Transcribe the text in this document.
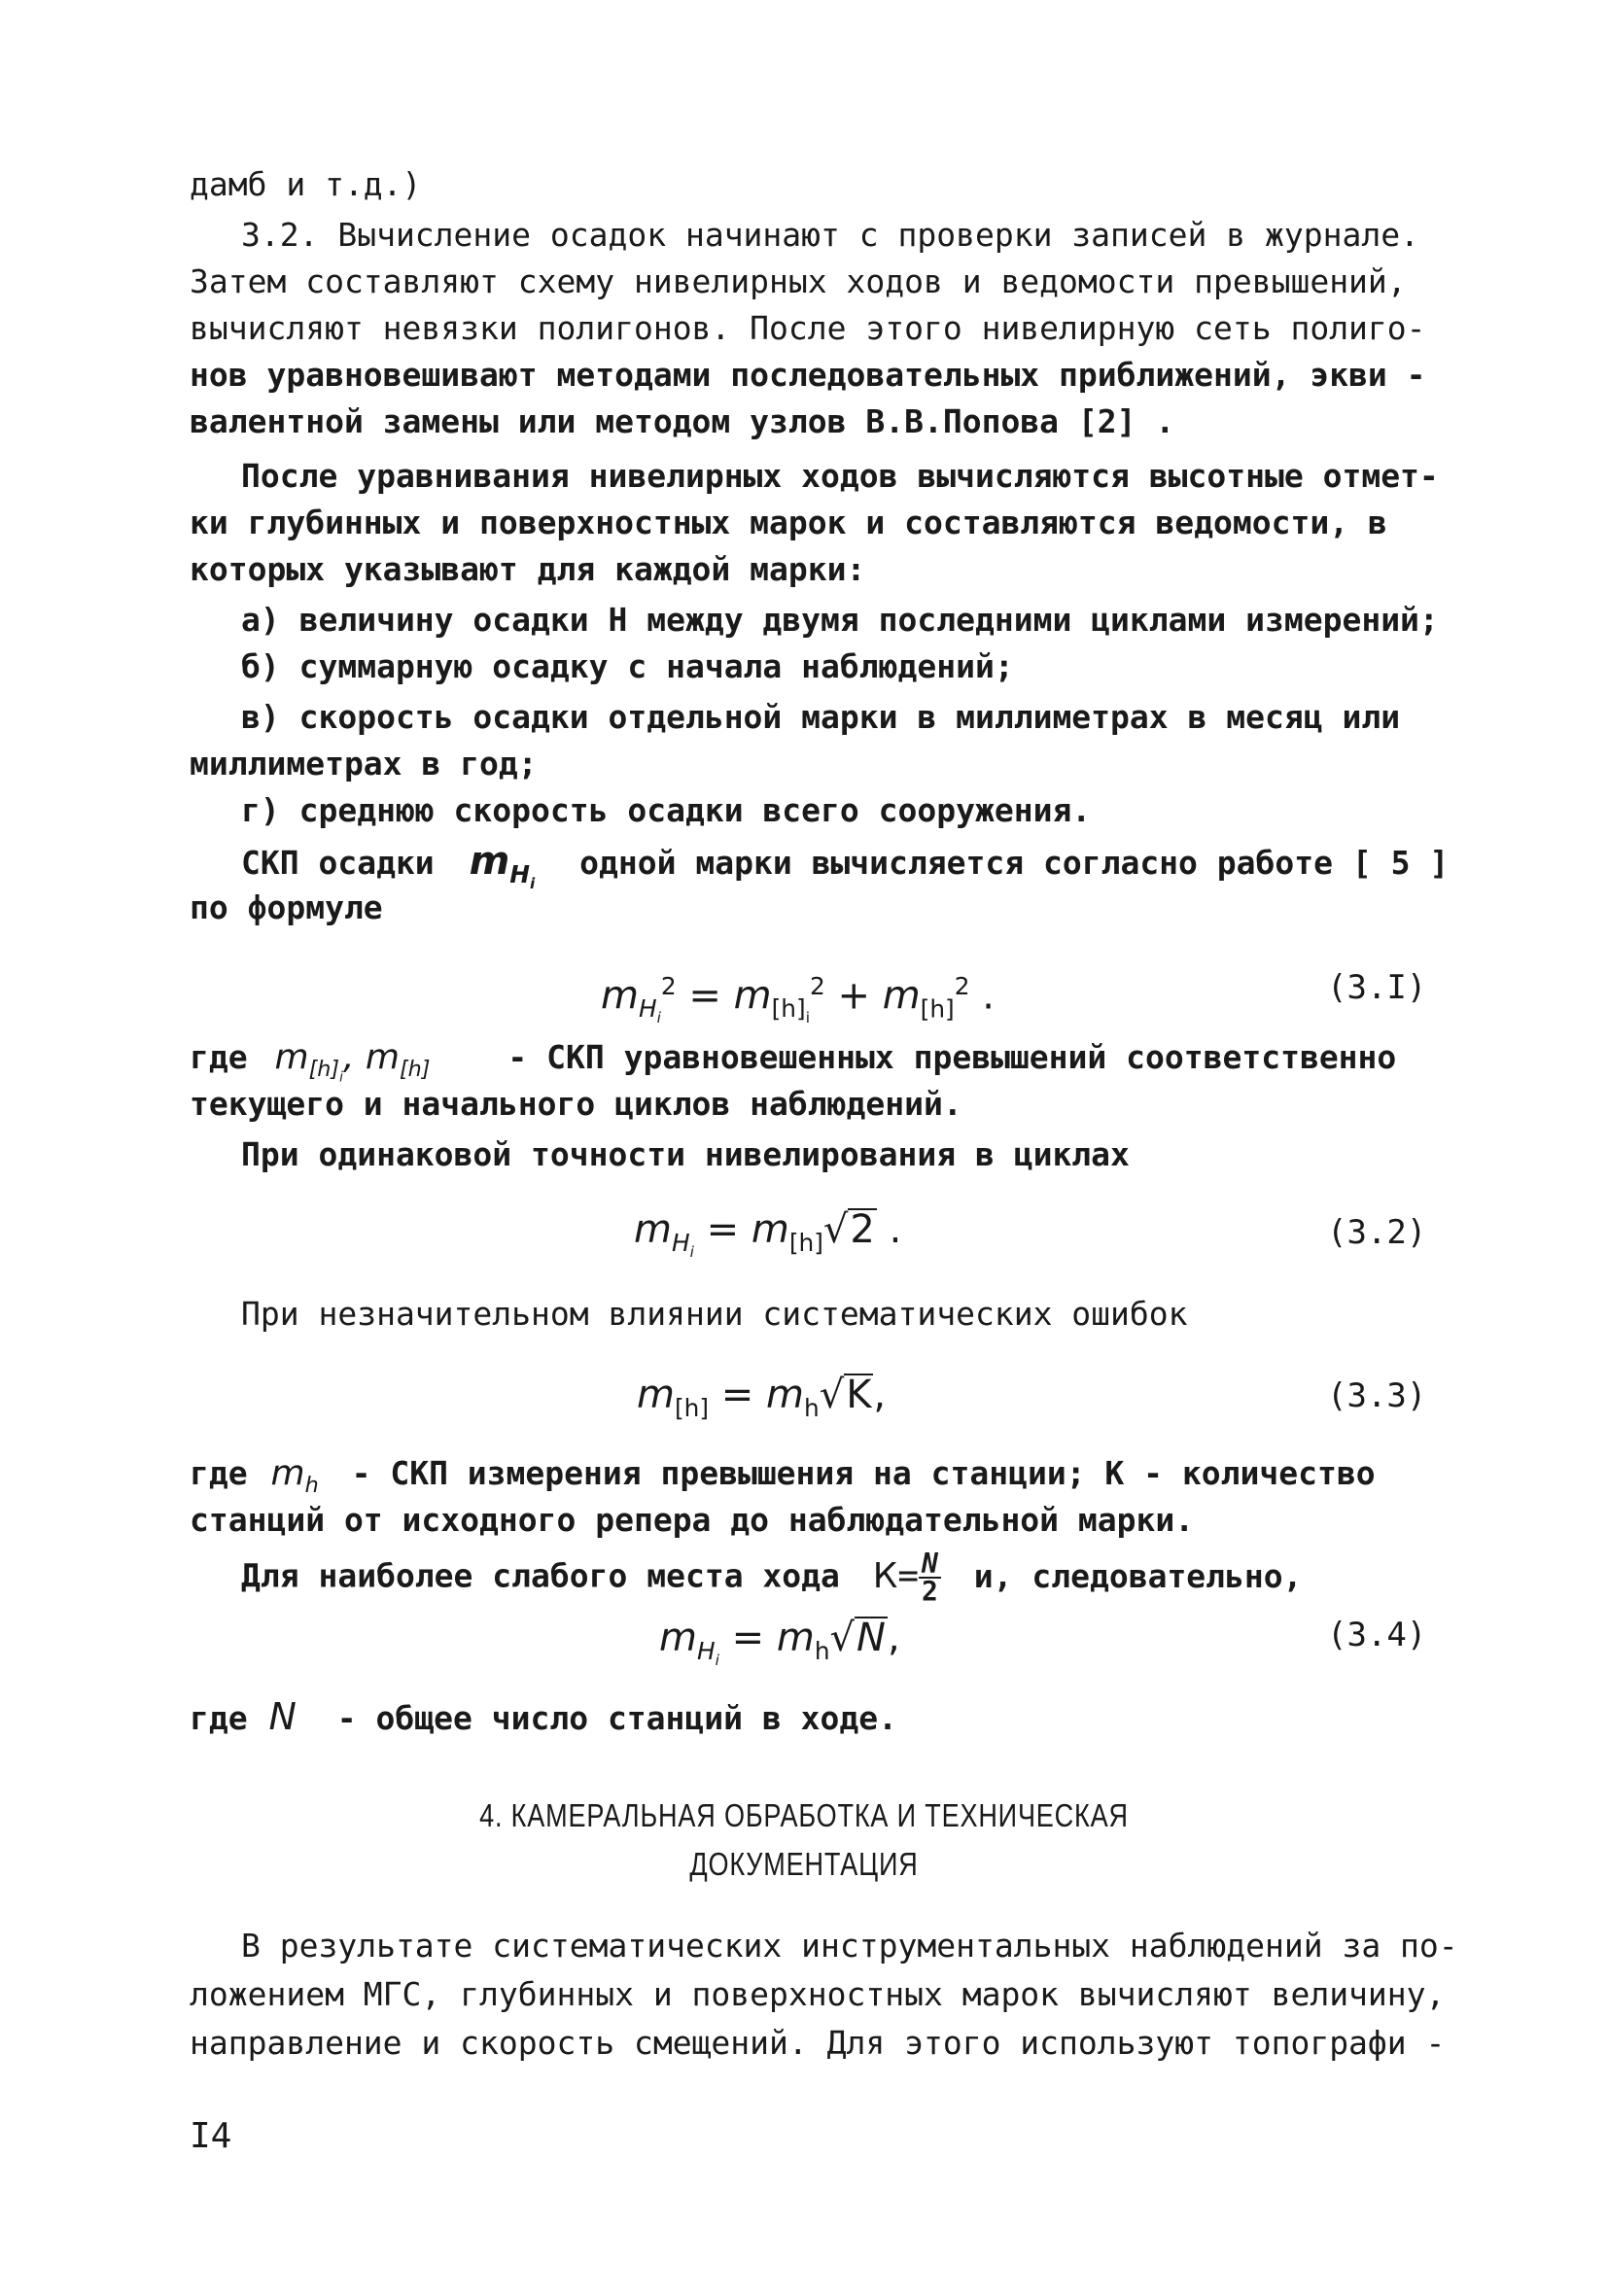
дамб и т.д.)
3.2. Вычисление осадок начинают с проверки записей в журнале.
Затем составляют схему нивелирных ходов и ведомости превышений,
вычисляют невязки полигонов. После этого нивелирную сеть полиго-
нов уравновешивают методами последовательных приближений, экви -
валентной замены или методом узлов В.В.Попова [2] .
После уравнивания нивелирных ходов вычисляются высотные отмет-
ки глубинных и поверхностных марок и составляются ведомости, в
которых указывают для каждой марки:
а) величину осадки Н между двумя последними циклами измерений;
б) суммарную осадку с начала наблюдений;
в) скорость осадки отдельной марки в миллиметрах в месяц или
миллиметрах в год;
г) среднюю скорость осадки всего сооружения.
СКП осадки $m_{H_i}$ одной марки вычисляется согласно работе [ 5 ]
по формуле
$m_{H_i}^2 = m_{[h]_i}^2 + m_{[h]}^2$ .	(3.I)
где $m_{[h]_i}$, $m_{[h]}$ - СКП уравновешенных превышений соответственно
текущего и начального циклов наблюдений.
При одинаковой точности нивелирования в циклах
$m_{H_i} = m_{[h]}√2$ .	(3.2)
При незначительном влиянии систематических ошибок
$m_{[h]} = m_h√K$,	(3.3)
где $m_h$ - СКП измерения превышения на станции; К - количество
станций от исходного репера до наблюдательной марки.
Для наиболее слабого места хода $К= \frac{N}{2} и$, следовательно,
$m_{H_i} = m_h√N$,	(3.4)
где N - общее число станций в ходе.
4. КАМЕРАЛЬНАЯ ОБРАБОТКА И ТЕХНИЧЕСКАЯ
ДОКУМЕНТАЦИЯ
В результате систематических инструментальных наблюдений за по-
ложением МГС, глубинных и поверхностных марок вычисляют величину,
направление и скорость смещений. Для этого используют топографи -
I4
